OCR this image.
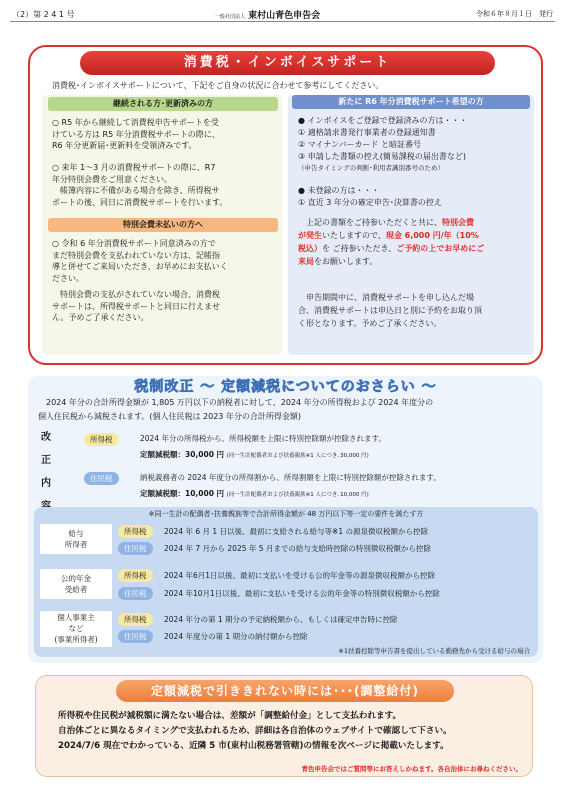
（2）第 2 4 1 号	一般社団法人 東村山青色申告会	令和６年８月１日　発行
消費税・インボイスサポート
消費税･インボイスサポートについて、下記をご自身の状況に合わせて参考にしてください。
継続される方･更新済みの方
○ R5 年から継続して消費税申告サポートを受
けている方は R5 年分消費税サポートの際に、
R6 年分更新届･更新料を受領済みです。
○ 来年 1～3 月の消費税サポートの際に、R7
年分特別会費をご用意ください。
　帳簿内容に不備がある場合を除き、所得税サ
ポートの後、同日に消費税サポートを行います。
特別会費未払いの方へ
○ 令和 6 年分消費税サポート同意済みの方で
まだ特別会費を支払われていない方は、記帳指
導と併せてご来局いただき、お早めにお支払いく
ださい。
　特別会費の支払がされていない場合、消費税
サポートは、所得税サポートと同日に行えませ
ん。予めご了承ください。
新たに R6 年分消費税サポート希望の方
● インボイスをご登録で登録済みの方は・・・
① 適格請求書発行事業者の登録通知書
② マイナンバーカード と暗証番号
③ 申請した書類の控え(簡易課税の届出書など)
（申告タイミングの判断･利用者識別番号のため）
● 未登録の方は・・・
① 直近 3 年分の確定申告･決算書の控え
　上記の書類をご持参いただくと共に、特別会費
が発生いたしますので、現金 6,000 円/年（10%
税込）を ご持参いただき、ご予約の上でお早めにご
来局をお願いします。
　申告期間中に、消費税サポートを申し込んだ場
合、消費税サポートは申込日と別に予約をお取り頂
く形となります。予めご了承ください。
税制改正 ～ 定額減税についてのおさらい ～
　2024 年分の合計所得金額が 1,805 万円以下の納税者に対して、2024 年分の所得税および 2024 年度分の
個人住民税から減税されます。(個人住民税は 2023 年分の合計所得金額)
改
正
内
所得税	2024 年分の所得税から、所得税額を上限に特別控除額が控除されます。
定額減税額：30,000 円 (同一生計配偶者および扶養親族※1 人につき､30,000 円)
住民税	納税義務者の 2024 年度分の所得割から、所得割額を上限に特別控除額が控除されます。
定額減税額：10,000 円 (同一生計配偶者および扶養親族※1 人につき､10,000 円)
※同一生計の配偶者･扶養親族等で合計所得金額が 48 万円以下等一定の要件を満たす方
給与
所得者
所得税	2024 年 6 月 1 日以後、最初に支給される給与等※1 の源泉徴収税額から控除
住民税	2024 年 7 月から 2025 年 5 月までの給与支給時控除の特別徴収税額から控除
公的年金
受給者
所得税	2024 年6月1日以後、最初に支払いを受ける公的年金等の源泉徴収税額から控除
住民税	2024 年10月1日以後、最初に支払いを受ける公的年金等の特別徴収税額から控除
個人事業主
など
(事業所得者)
所得税	2024 年分の第 1 期分の予定納税額から、もしくは確定申告時に控除
住民税	2024 年度分の第 1 期分の納付額から控除
※1扶養控除等申告書を提出している勤務先から受ける給与の場合
定額減税で引ききれない時には･･･(調整給付)
所得税や住民税が減税額に満たない場合は、差額が「調整給付金」として支払われます。
自治体ごとに異なるタイミングで支払われるため、詳細は各自治体のウェブサイトで確認して下さい。
2024/7/6 現在でわかっている、近隣 5 市(東村山税務署管轄)の情報を次ページに掲載いたします。
青色申告会ではご質問等にお答えしかねます。各自治体にお尋ねください。
